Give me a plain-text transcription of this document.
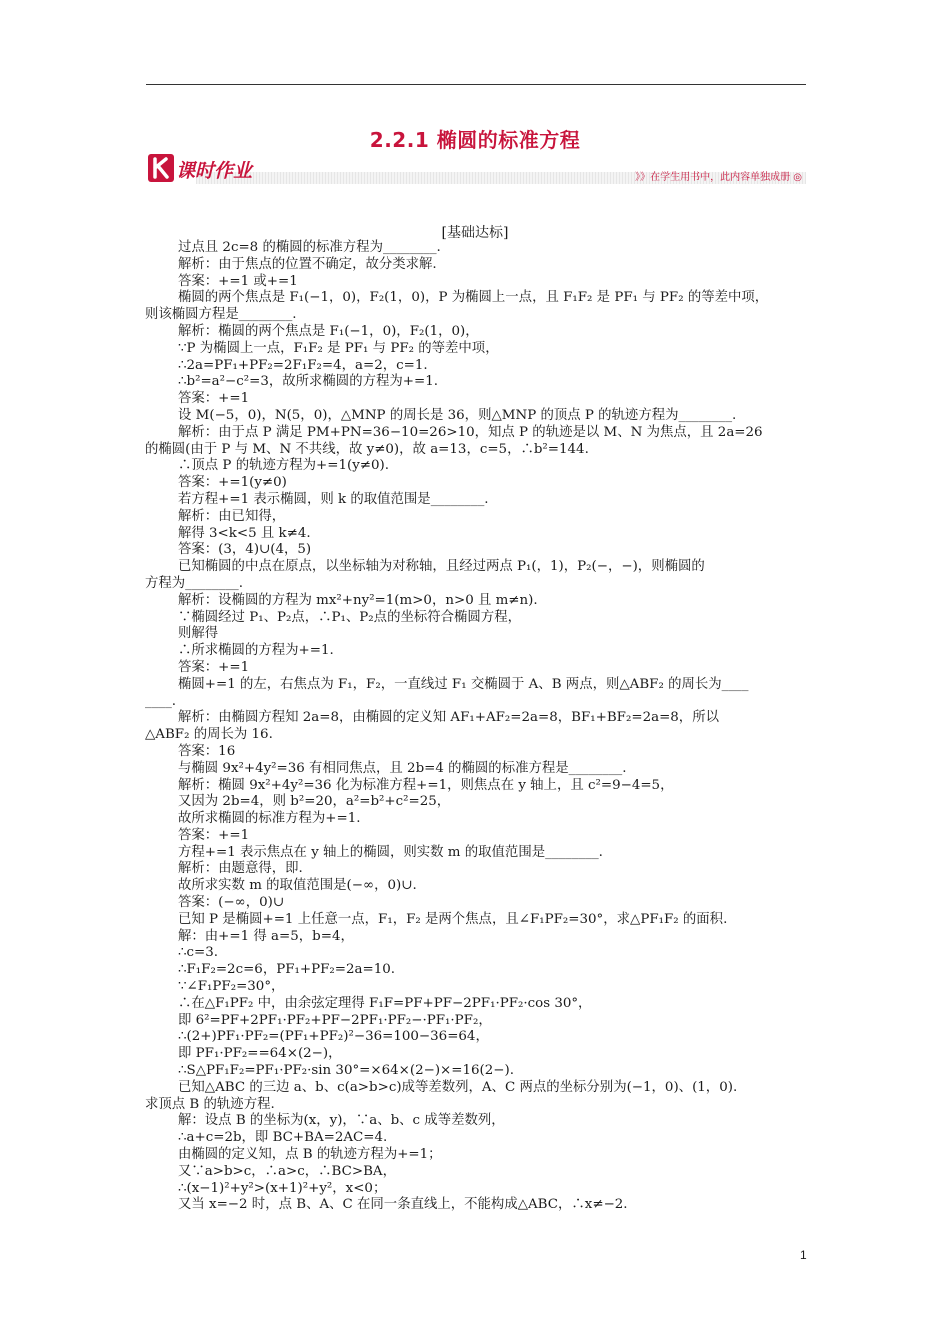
2.2.1 椭圆的标准方程
课时作业	》》在学生用书中，此内容单独成册 ◎
[基础达标]

过点且 2c=8 的椭圆的标准方程为________.

解析：由于焦点的位置不确定，故分类求解.

答案：+=1 或+=1

椭圆的两个焦点是 F₁(−1，0)，F₂(1，0)，P 为椭圆上一点，且 F₁F₂ 是 PF₁ 与 PF₂ 的等差中项，

则该椭圆方程是________.

解析：椭圆的两个焦点是 F₁(−1，0)，F₂(1，0)，

∵P 为椭圆上一点，F₁F₂ 是 PF₁ 与 PF₂ 的等差中项，

∴2a=PF₁+PF₂=2F₁F₂=4，a=2，c=1.

∴b²=a²−c²=3，故所求椭圆的方程为+=1.

答案：+=1

设 M(−5，0)，N(5，0)，△MNP 的周长是 36，则△MNP 的顶点 P 的轨迹方程为________.

解析：由于点 P 满足 PM+PN=36−10=26>10，知点 P 的轨迹是以 M、N 为焦点，且 2a=26

的椭圆(由于 P 与 M、N 不共线，故 y≠0)，故 a=13，c=5，∴b²=144.

∴顶点 P 的轨迹方程为+=1(y≠0).

答案：+=1(y≠0)

若方程+=1 表示椭圆，则 k 的取值范围是________.

解析：由已知得，

解得 3<k<5 且 k≠4.

答案：(3，4)∪(4，5)

已知椭圆的中点在原点，以坐标轴为对称轴，且经过两点 P₁(，1)，P₂(−，−)，则椭圆的

方程为________.

解析：设椭圆的方程为 mx²+ny²=1(m>0，n>0 且 m≠n).

∵椭圆经过 P₁、P₂点，∴P₁、P₂点的坐标符合椭圆方程，

则解得

∴所求椭圆的方程为+=1.

答案：+=1

椭圆+=1 的左，右焦点为 F₁，F₂，一直线过 F₁ 交椭圆于 A、B 两点，则△ABF₂ 的周长为____

____.

解析：由椭圆方程知 2a=8，由椭圆的定义知 AF₁+AF₂=2a=8，BF₁+BF₂=2a=8，所以

△ABF₂ 的周长为 16.

答案：16

与椭圆 9x²+4y²=36 有相同焦点，且 2b=4 的椭圆的标准方程是________.

解析：椭圆 9x²+4y²=36 化为标准方程+=1，则焦点在 y 轴上，且 c²=9−4=5，

又因为 2b=4，则 b²=20，a²=b²+c²=25，

故所求椭圆的标准方程为+=1.

答案：+=1

方程+=1 表示焦点在 y 轴上的椭圆，则实数 m 的取值范围是________.

解析：由题意得，即.

故所求实数 m 的取值范围是(−∞，0)∪.

答案：(−∞，0)∪

已知 P 是椭圆+=1 上任意一点，F₁，F₂ 是两个焦点，且∠F₁PF₂=30°，求△PF₁F₂ 的面积.

解：由+=1 得 a=5，b=4，

∴c=3.

∴F₁F₂=2c=6，PF₁+PF₂=2a=10.

∵∠F₁PF₂=30°，

∴在△F₁PF₂ 中，由余弦定理得 F₁F=PF+PF−2PF₁·PF₂·cos 30°，

即 6²=PF+2PF₁·PF₂+PF−2PF₁·PF₂−·PF₁·PF₂，

∴(2+)PF₁·PF₂=(PF₁+PF₂)²−36=100−36=64，

即 PF₁·PF₂==64×(2−)，

∴S△PF₁F₂=PF₁·PF₂·sin 30°=×64×(2−)×=16(2−).

已知△ABC 的三边 a、b、c(a>b>c)成等差数列，A、C 两点的坐标分别为(−1，0)、(1，0).

求顶点 B 的轨迹方程.

解：设点 B 的坐标为(x，y)，∵a、b、c 成等差数列，

∴a+c=2b，即 BC+BA=2AC=4.

由椭圆的定义知，点 B 的轨迹方程为+=1；

又∵a>b>c，∴a>c，∴BC>BA，

∴(x−1)²+y²>(x+1)²+y²，x<0；

又当 x=−2 时，点 B、A、C 在同一条直线上，不能构成△ABC，∴x≠−2.

1
